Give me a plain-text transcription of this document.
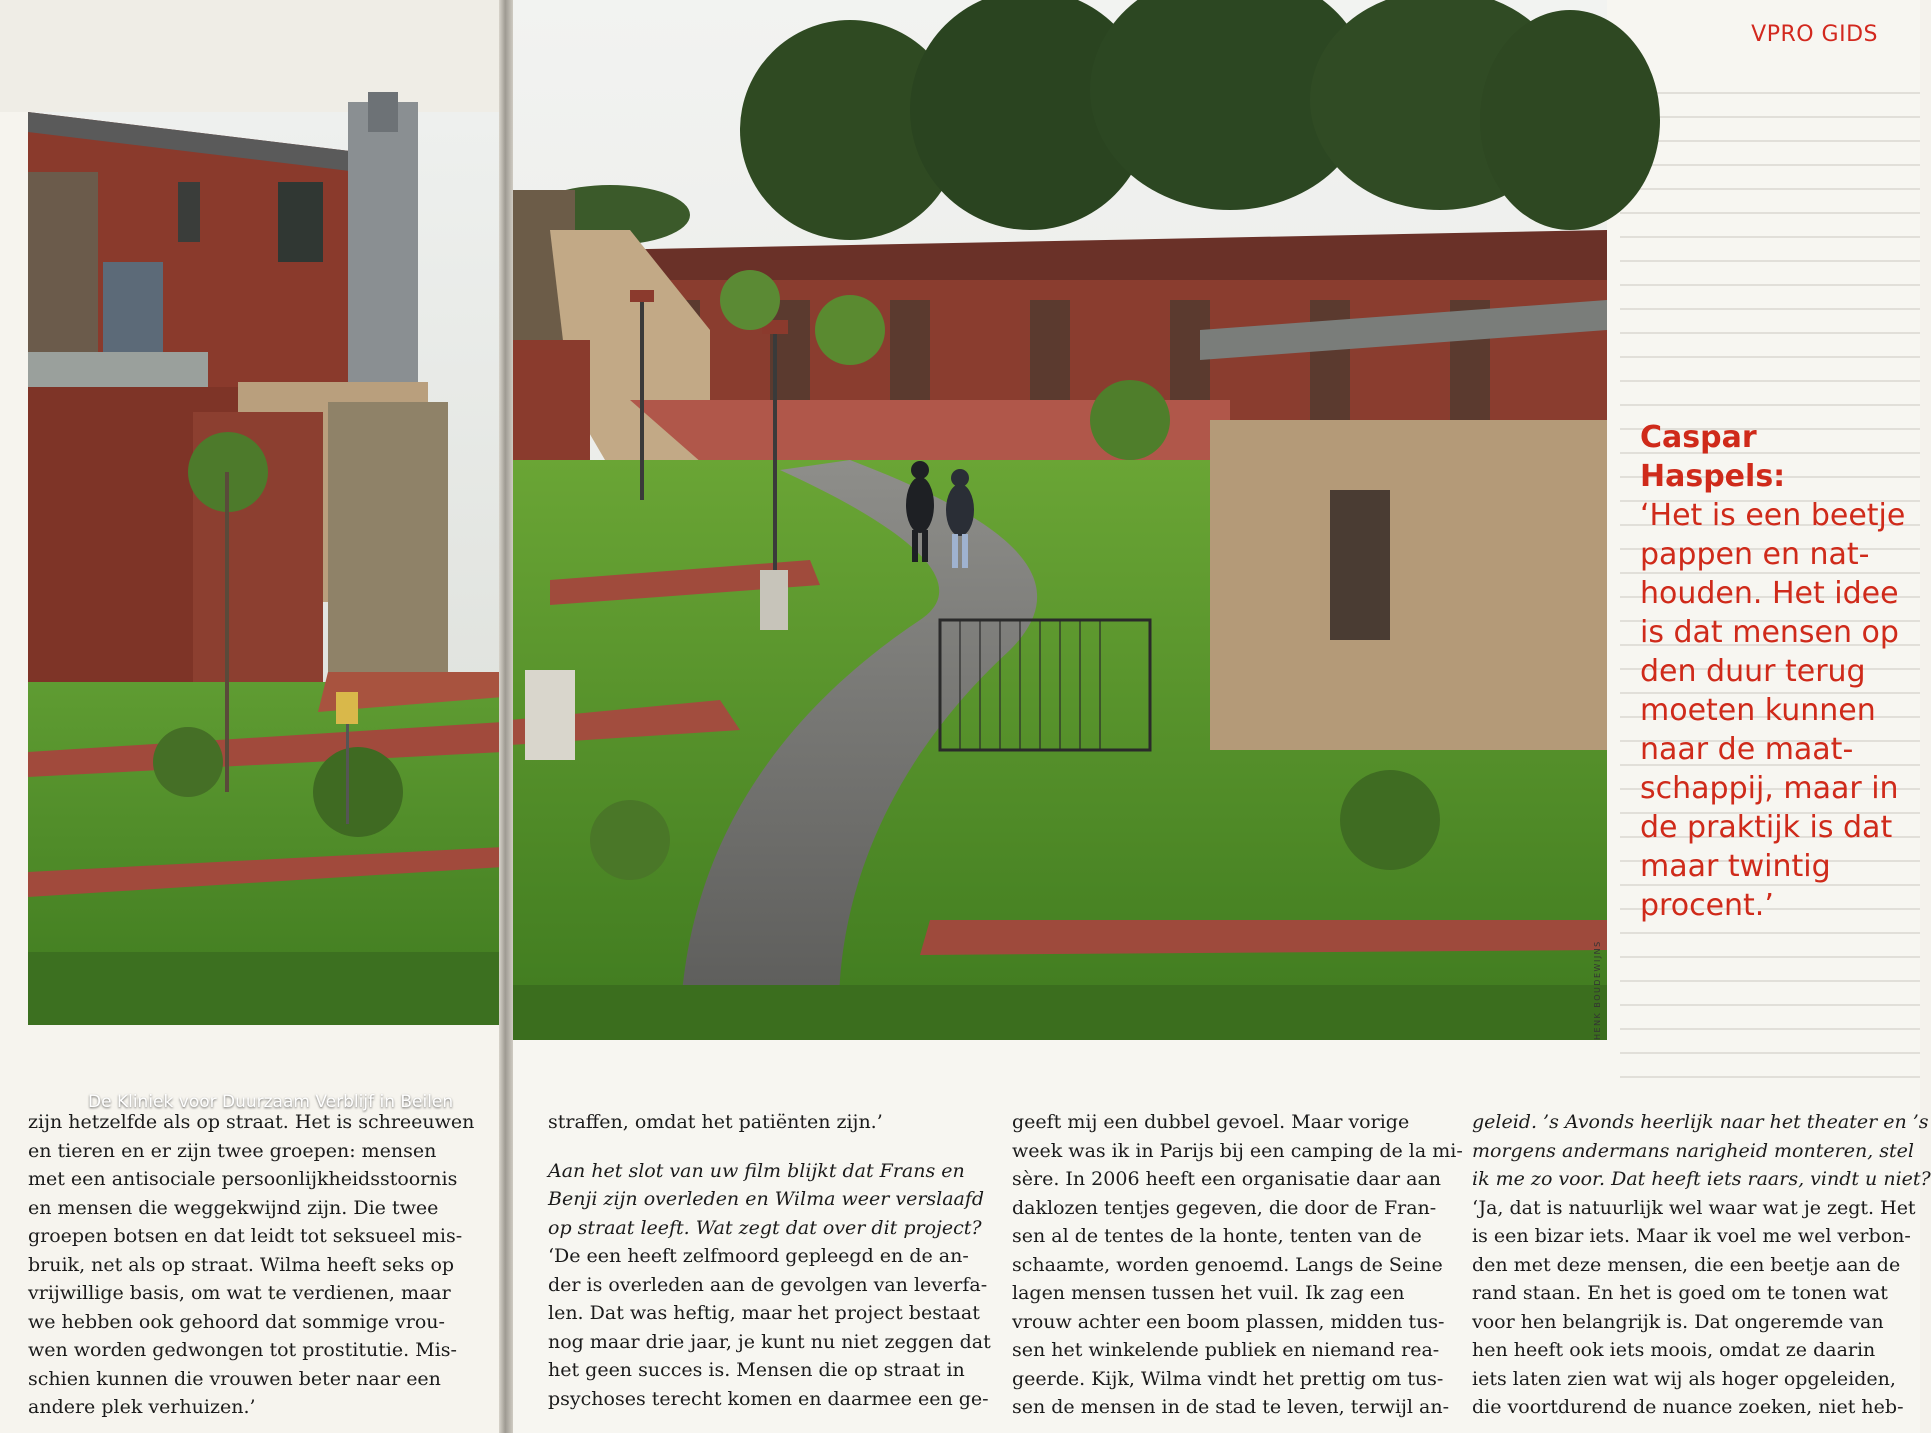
De Kliniek voor Duurzaam Verblijf in Beilen
HENK BOUDEWIJNS
VPRO GIDS
Caspar Haspels:
‘Het is een beetje
pappen en nat-
houden. Het idee
is dat mensen op
den duur terug
moeten kunnen
naar de maat-
schappij, maar in
de praktijk is dat
maar twintig
procent.’
zijn hetzelfde als op straat. Het is schreeuwen
en tieren en er zijn twee groepen: mensen
met een antisociale persoonlijkheidsstoornis
en mensen die weggekwijnd zijn. Die twee
groepen botsen en dat leidt tot seksueel mis-
bruik, net als op straat. Wilma heeft seks op
vrijwillige basis, om wat te verdienen, maar
we hebben ook gehoord dat sommige vrou-
wen worden gedwongen tot prostitutie. Mis-
schien kunnen die vrouwen beter naar een
andere plek verhuizen.’
straffen, omdat het patiënten zijn.’
Aan het slot van uw film blijkt dat Frans en
Benji zijn overleden en Wilma weer verslaafd
op straat leeft. Wat zegt dat over dit project?
‘De een heeft zelfmoord gepleegd en de an-
der is overleden aan de gevolgen van leverfa-
len. Dat was heftig, maar het project bestaat
nog maar drie jaar, je kunt nu niet zeggen dat
het geen succes is. Mensen die op straat in
psychoses terecht komen en daarmee een ge-
geeft mij een dubbel gevoel. Maar vorige
week was ik in Parijs bij een camping de la mi-
sère. In 2006 heeft een organisatie daar aan
daklozen tentjes gegeven, die door de Fran-
sen al de tentes de la honte, tenten van de
schaamte, worden genoemd. Langs de Seine
lagen mensen tussen het vuil. Ik zag een
vrouw achter een boom plassen, midden tus-
sen het winkelende publiek en niemand rea-
geerde. Kijk, Wilma vindt het prettig om tus-
sen de mensen in de stad te leven, terwijl an-
geleid. ’s Avonds heerlijk naar het theater en ’s
morgens andermans narigheid monteren, stel
ik me zo voor. Dat heeft iets raars, vindt u niet?
‘Ja, dat is natuurlijk wel waar wat je zegt. Het
is een bizar iets. Maar ik voel me wel verbon-
den met deze mensen, die een beetje aan de
rand staan. En het is goed om te tonen wat
voor hen belangrijk is. Dat ongeremde van
hen heeft ook iets moois, omdat ze daarin
iets laten zien wat wij als hoger opgeleiden,
die voortdurend de nuance zoeken, niet heb-
